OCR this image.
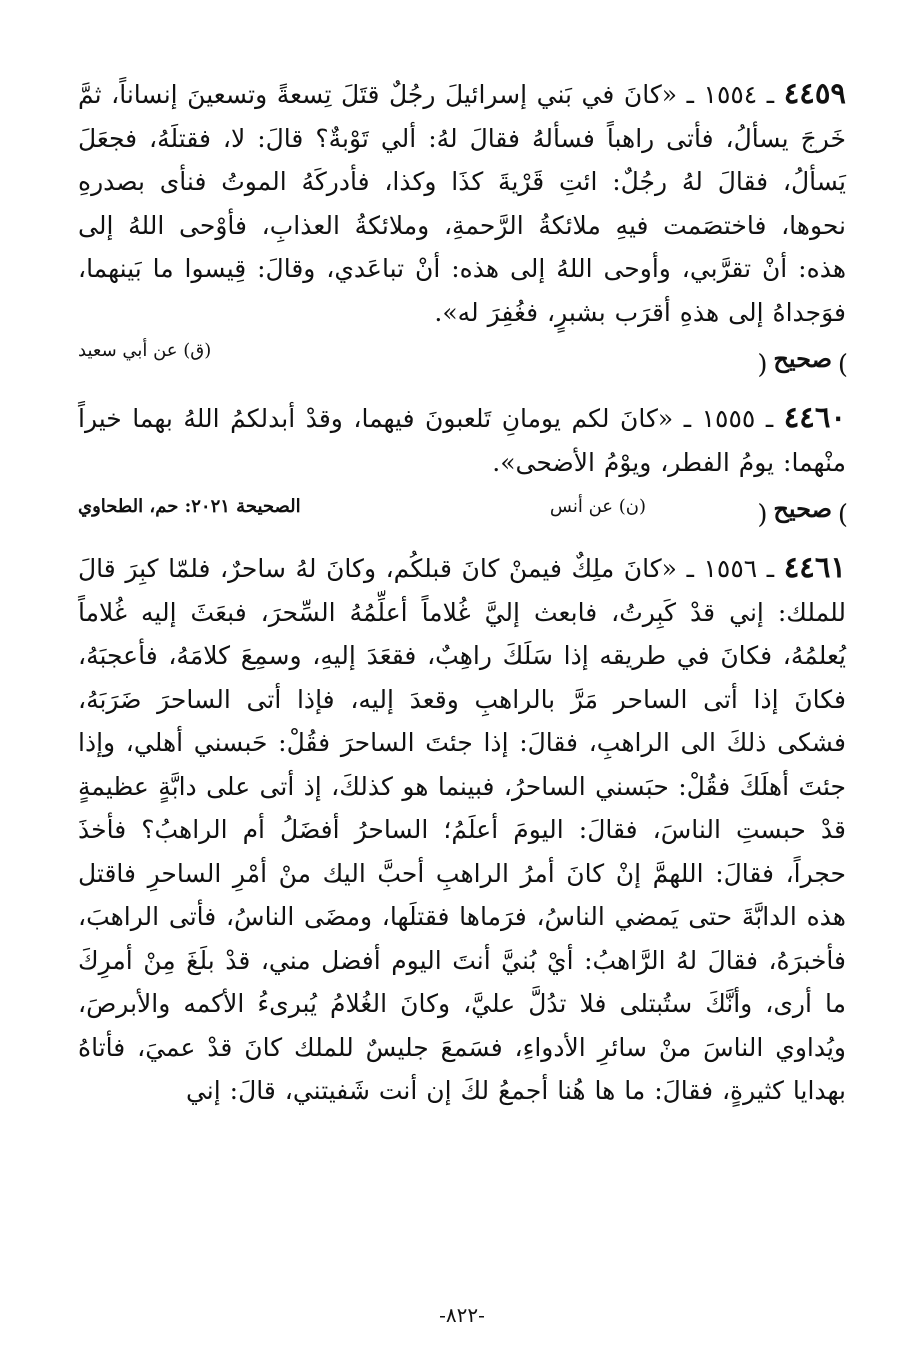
٤٤٥٩ ـ ١٥٥٤ ـ «كانَ في بَني إسرائيلَ رجُلٌ قتَلَ تِسعةً وتسعينَ إنساناً، ثمَّ خَرجَ يسألُ، فأتى راهباً فسألهُ فقالَ لهُ: ألي تَوْبةٌ؟ قالَ: لا، فقتلَهُ، فجعَلَ يَسألُ، فقالَ لهُ رجُلٌ: ائتِ قَرْيةَ كذَا وكذا، فأدركَهُ الموتُ فنأى بصدرهِ نحوها، فاختصَمت فيهِ ملائكةُ الرَّحمةِ، وملائكةُ العذابِ، فأوْحى اللهُ إلى هذه: أنْ تقرَّبي، وأوحى اللهُ إلى هذه: أنْ تباعَدي، وقالَ: قِيسوا ما بَينهما، فوَجداهُ إلى هذهِ أقرَب بشبرٍ، فغُفِرَ له».

) صحيح (
(ق) عن أبي سعيد

٤٤٦٠ ـ ١٥٥٥ ـ «كانَ لكم يومانِ تَلعبونَ فيهما، وقدْ أبدلكمُ اللهُ بهما خيراً منْهما: يومُ الفطر، ويوْمُ الأضحى».

) صحيح (
(ن) عن أنس
الصحيحة ٢٠٢١: حم، الطحاوي

٤٤٦١ ـ ١٥٥٦ ـ «كانَ ملِكٌ فيمنْ كانَ قبلكُم، وكانَ لهُ ساحرٌ، فلمّا كبِرَ قالَ للملك: إني قدْ كَبِرتُ، فابعث إليَّ غُلاماً أعلِّمُهُ السِّحرَ، فبعَثَ إليه غُلاماً يُعلمُهُ، فكانَ في طريقه إذا سَلَكَ راهِبٌ، فقعَدَ إليهِ، وسمِعَ كلامَهُ، فأعجبَهُ، فكانَ إذا أتى الساحر مَرَّ بالراهبِ وقعدَ إليه، فإذا أتى الساحرَ ضَرَبَهُ، فشكى ذلكَ الى الراهبِ، فقالَ: إذا جئتَ الساحرَ فقُلْ: حَبسني أهلي، وإذا جئتَ أهلَكَ فقُلْ: حبَسني الساحرُ، فبينما هو كذلكَ، إذ أتى على دابَّةٍ عظيمةٍ قدْ حبستِ الناسَ، فقالَ: اليومَ أعلَمُ؛ الساحرُ أفضَلُ أم الراهبُ؟ فأخذَ حجراً، فقالَ: اللهمَّ إنْ كانَ أمرُ الراهبِ أحبَّ اليك منْ أمْرِ الساحرِ فاقتل هذه الدابَّةَ حتى يَمضي الناسُ، فرَماها فقتلَها، ومضَى الناسُ، فأتى الراهبَ، فأخبرَهُ، فقالَ لهُ الرَّاهبُ: أيْ بُنيَّ أنتَ اليوم أفضل مني، قدْ بلَغَ مِنْ أمرِكَ ما أرى، وأنَّكَ ستُبتلى فلا تدُلَّ عليَّ، وكانَ الغُلامُ يُبرىءُ الأكمه والأبرصَ، ويُداوي الناسَ منْ سائرِ الأدواءِ، فسَمعَ جليسٌ للملك كانَ قدْ عميَ، فأتاهُ بهدايا كثيرةٍ، فقالَ: ما ها هُنا أجمعُ لكَ إن أنت شَفيتني، قالَ: إني

-٨٢٢-
